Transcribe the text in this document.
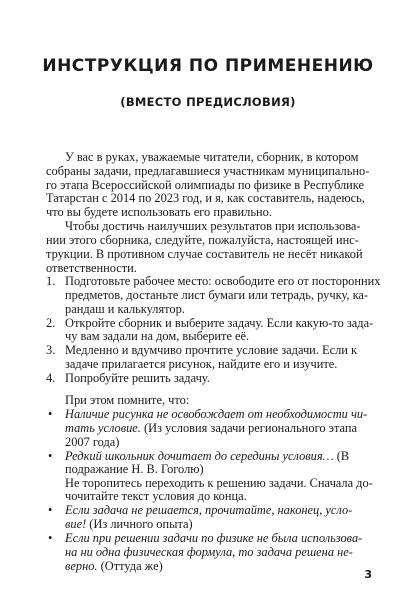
ИНСТРУКЦИЯ ПО ПРИМЕНЕНИЮ
(ВМЕСТО ПРЕДИСЛОВИЯ)
У вас в руках, уважаемые читатели, сборник, в котором
собраны задачи, предлагавшиеся участникам муниципально-
го этапа Всероссийской олимпиады по физике в Республике
Татарстан с 2014 по 2023 год, и я, как составитель, надеюсь,
что вы будете использовать его правильно.
Чтобы достичь наилучших результатов при использова-
нии этого сборника, следуйте, пожалуйста, настоящей инс-
трукции. В противном случае составитель не несёт никакой
ответственности.
1. Подготовьте рабочее место: освободите его от посторонних
предметов, достаньте лист бумаги или тетрадь, ручку, ка-
рандаш и калькулятор.
2. Откройте сборник и выберите задачу. Если какую-то зада-
чу вам задали на дом, выберите её.
3. Медленно и вдумчиво прочтите условие задачи. Если к
задаче прилагается рисунок, найдите его и изучите.
4. Попробуйте решить задачу.
При этом помните, что:
• Наличие рисунка не освобождает от необходимости чи-
тать условие. (Из условия задачи регионального этапа
2007 года)
• Редкий школьник дочитает до середины условия… (В
подражание Н. В. Гоголю)
Не торопитесь переходить к решению задачи. Сначала до-
чочитайте текст условия до конца.
• Если задача не решается, прочитайте, наконец, усло-
вие! (Из личного опыта)
• Если при решении задачи по физике не была использова-
на ни одна физическая формула, то задача решена не-
верно. (Оттуда же)
3
